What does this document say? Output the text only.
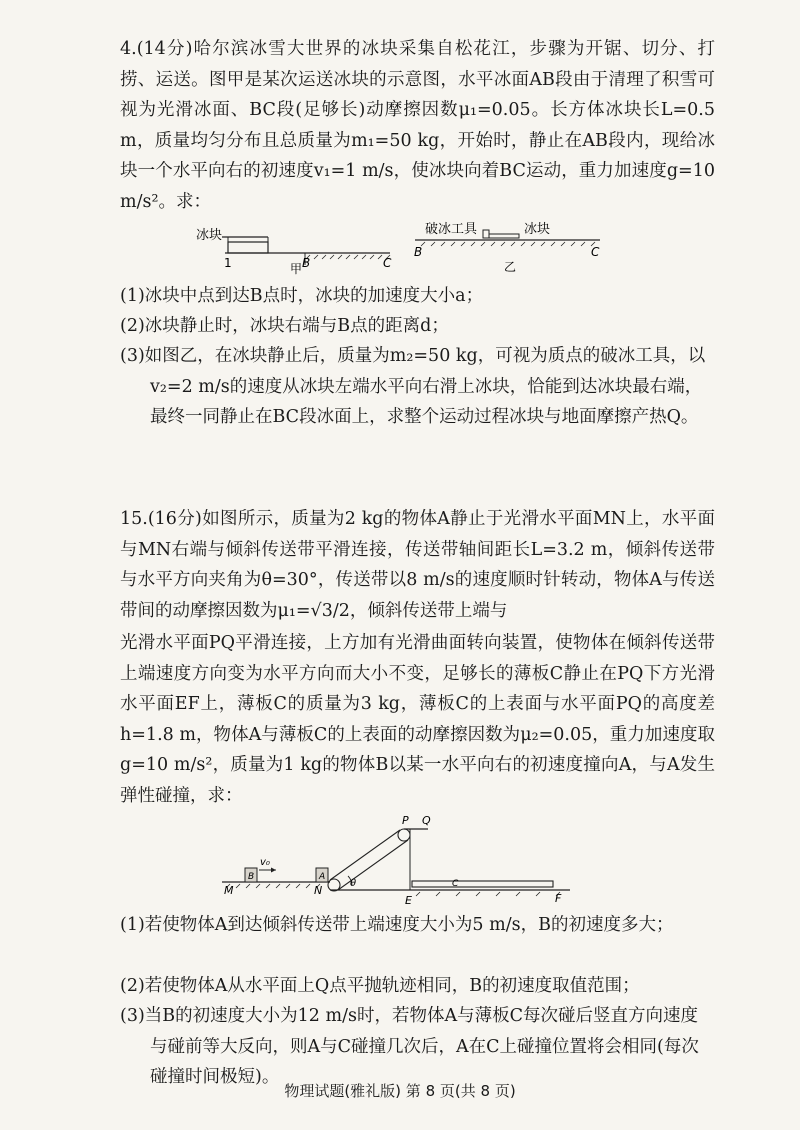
4.(14分)哈尔滨冰雪大世界的冰块采集自松花江，步骤为开锯、切分、打捞、运送。图甲是某次运送冰块的示意图，水平冰面AB段由于清理了积雪可视为光滑冰面、BC段(足够长)动摩擦因数μ₁=0.05。长方体冰块长L=0.5 m，质量均匀分布且总质量为m₁=50 kg，开始时，静止在AB段内，现给冰块一个水平向右的初速度v₁=1 m/s，使冰块向着BC运动，重力加速度g=10 m/s²。求：

冰块
1	B	C
甲
破冰工具	冰块
B	C
乙

(1)冰块中点到达B点时，冰块的加速度大小a；

(2)冰块静止时，冰块右端与B点的距离d；

(3)如图乙，在冰块静止后，质量为m₂=50 kg，可视为质点的破冰工具，以v₂=2 m/s的速度从冰块左端水平向右滑上冰块，恰能到达冰块最右端，最终一同静止在BC段冰面上，求整个运动过程冰块与地面摩擦产热Q。

15.(16分)如图所示，质量为2 kg的物体A静止于光滑水平面MN上，水平面与MN右端与倾斜传送带平滑连接，传送带轴间距长L=3.2 m，倾斜传送带与水平方向夹角为θ=30°，传送带以8 m/s的速度顺时针转动，物体A与传送带间的动摩擦因数为μ₁=√3/2，倾斜传送带上端与

光滑水平面PQ平滑连接，上方加有光滑曲面转向装置，使物体在倾斜传送带上端速度方向变为水平方向而大小不变，足够长的薄板C静止在PQ下方光滑水平面EF上，薄板C的质量为3 kg，薄板C的上表面与水平面PQ的高度差h=1.8 m，物体A与薄板C的上表面的动摩擦因数为μ₂=0.05，重力加速度取g=10 m/s²，质量为1 kg的物体B以某一水平向右的初速度撞向A，与A发生弹性碰撞，求：

B
v₀
A
θ
P Q
C
M	N
E	F

(1)若使物体A到达倾斜传送带上端速度大小为5 m/s，B的初速度多大；

(2)若使物体A从水平面上Q点平抛轨迹相同，B的初速度取值范围；

(3)当B的初速度大小为12 m/s时，若物体A与薄板C每次碰后竖直方向速度与碰前等大反向，则A与C碰撞几次后，A在C上碰撞位置将会相同(每次碰撞时间极短)。

物理试题(雅礼版) 第 8 页(共 8 页)
